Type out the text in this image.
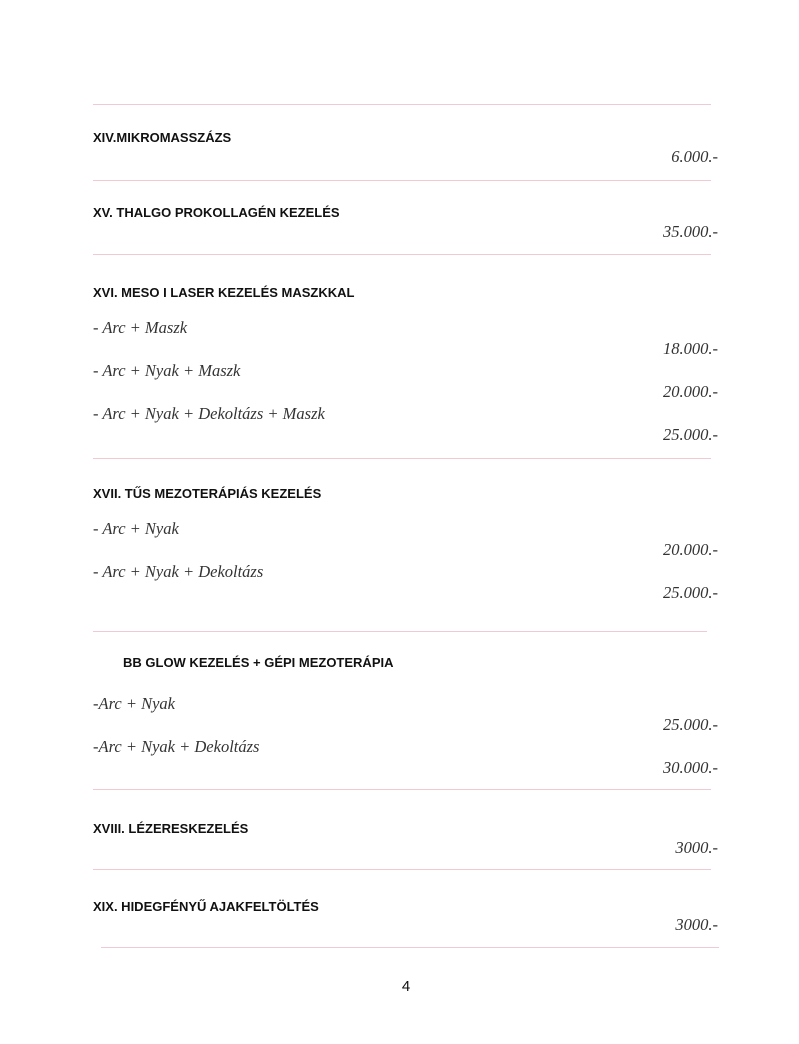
XIV.MIKROMASSZÁZS
6.000.-
XV. THALGO PROKOLLAGÉN KEZELÉS
35.000.-
XVI. MESO I LASER KEZELÉS MASZKKAL
- Arc + Maszk
18.000.-
- Arc + Nyak + Maszk
20.000.-
- Arc + Nyak + Dekoltázs + Maszk
25.000.-
XVII. TŰS MEZOTERÁPIÁS KEZELÉS
- Arc + Nyak
20.000.-
- Arc + Nyak + Dekoltázs
25.000.-
BB GLOW KEZELÉS + GÉPI MEZOTERÁPIA
-Arc + Nyak
25.000.-
-Arc + Nyak + Dekoltázs
30.000.-
XVIII. LÉZERESKEZELÉS
3000.-
XIX. HIDEGFÉNYŰ AJAKFELTÖLTÉS
3000.-
4
